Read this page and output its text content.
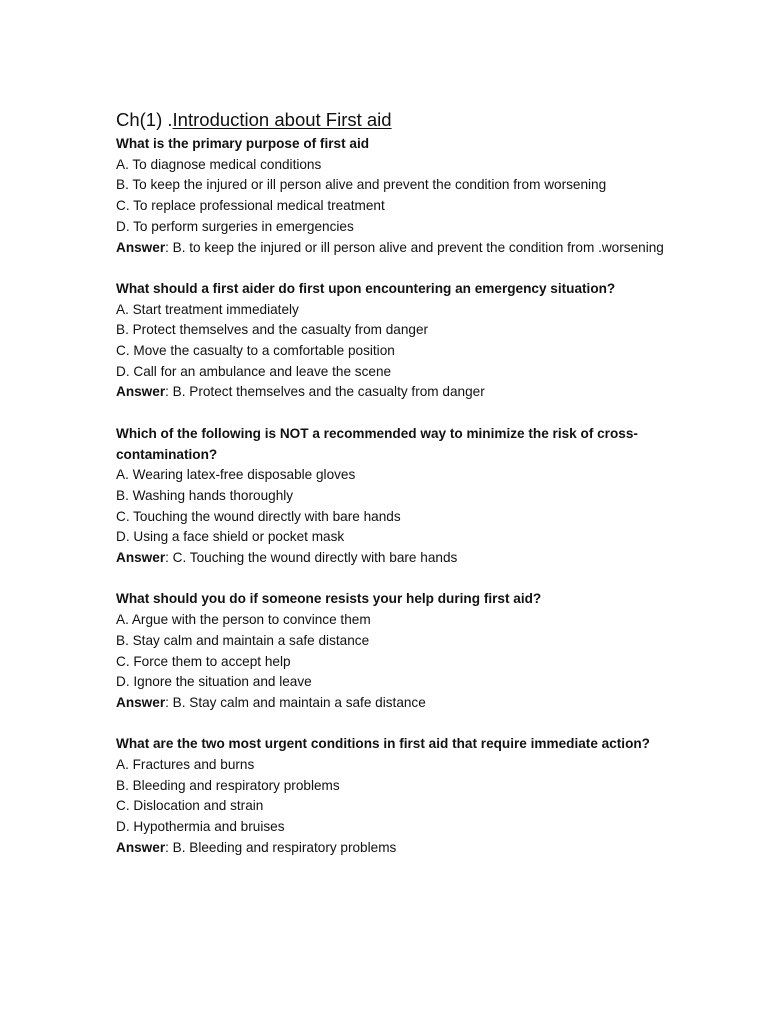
Ch(1) .Introduction about First aid
What is the primary purpose of first aid
A. To diagnose medical conditions
B. To keep the injured or ill person alive and prevent the condition from worsening
C. To replace professional medical treatment
D. To perform surgeries in emergencies
Answer: B. to keep the injured or ill person alive and prevent the condition from .worsening
What should a first aider do first upon encountering an emergency situation?
A. Start treatment immediately
B. Protect themselves and the casualty from danger
C. Move the casualty to a comfortable position
D. Call for an ambulance and leave the scene
Answer: B. Protect themselves and the casualty from danger
Which of the following is NOT a recommended way to minimize the risk of cross-contamination?
A. Wearing latex-free disposable gloves
B. Washing hands thoroughly
C. Touching the wound directly with bare hands
D. Using a face shield or pocket mask
Answer: C. Touching the wound directly with bare hands
What should you do if someone resists your help during first aid?
A. Argue with the person to convince them
B. Stay calm and maintain a safe distance
C. Force them to accept help
D. Ignore the situation and leave
Answer: B. Stay calm and maintain a safe distance
What are the two most urgent conditions in first aid that require immediate action?
A. Fractures and burns
B. Bleeding and respiratory problems
C. Dislocation and strain
D. Hypothermia and bruises
Answer: B. Bleeding and respiratory problems
